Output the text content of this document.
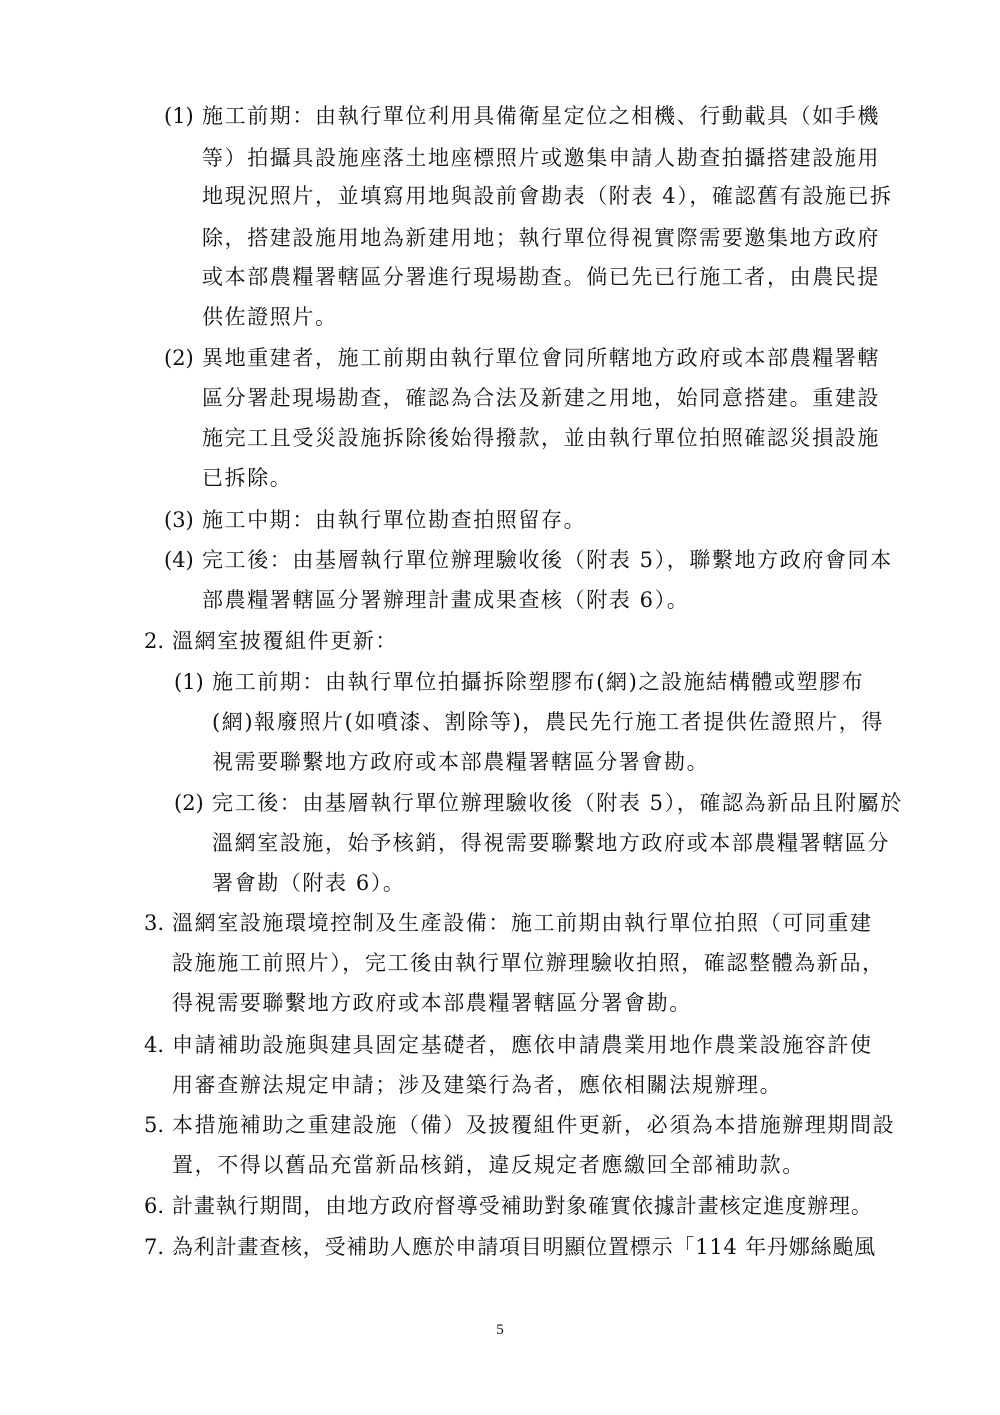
(1) 施工前期：由執行單位利用具備衛星定位之相機、行動載具（如手機
等）拍攝具設施座落土地座標照片或邀集申請人勘查拍攝搭建設施用
地現況照片，並填寫用地與設前會勘表（附表 4），確認舊有設施已拆
除，搭建設施用地為新建用地；執行單位得視實際需要邀集地方政府
或本部農糧署轄區分署進行現場勘查。倘已先已行施工者，由農民提
供佐證照片。
(2) 異地重建者，施工前期由執行單位會同所轄地方政府或本部農糧署轄
區分署赴現場勘查，確認為合法及新建之用地，始同意搭建。重建設
施完工且受災設施拆除後始得撥款，並由執行單位拍照確認災損設施
已拆除。
(3) 施工中期：由執行單位勘查拍照留存。
(4) 完工後：由基層執行單位辦理驗收後（附表 5），聯繫地方政府會同本
部農糧署轄區分署辦理計畫成果查核（附表 6）。
2. 溫網室披覆組件更新：
(1) 施工前期：由執行單位拍攝拆除塑膠布(網)之設施結構體或塑膠布
(網)報廢照片(如噴漆、割除等)，農民先行施工者提供佐證照片，得
視需要聯繫地方政府或本部農糧署轄區分署會勘。
(2) 完工後：由基層執行單位辦理驗收後（附表 5），確認為新品且附屬於
溫網室設施，始予核銷，得視需要聯繫地方政府或本部農糧署轄區分
署會勘（附表 6）。
3. 溫網室設施環境控制及生產設備：施工前期由執行單位拍照（可同重建
設施施工前照片），完工後由執行單位辦理驗收拍照，確認整體為新品，
得視需要聯繫地方政府或本部農糧署轄區分署會勘。
4. 申請補助設施與建具固定基礎者，應依申請農業用地作農業設施容許使
用審查辦法規定申請；涉及建築行為者，應依相關法規辦理。
5. 本措施補助之重建設施（備）及披覆組件更新，必須為本措施辦理期間設
置，不得以舊品充當新品核銷，違反規定者應繳回全部補助款。
6. 計畫執行期間，由地方政府督導受補助對象確實依據計畫核定進度辦理。
7. 為利計畫查核，受補助人應於申請項目明顯位置標示「114 年丹娜絲颱風
5
